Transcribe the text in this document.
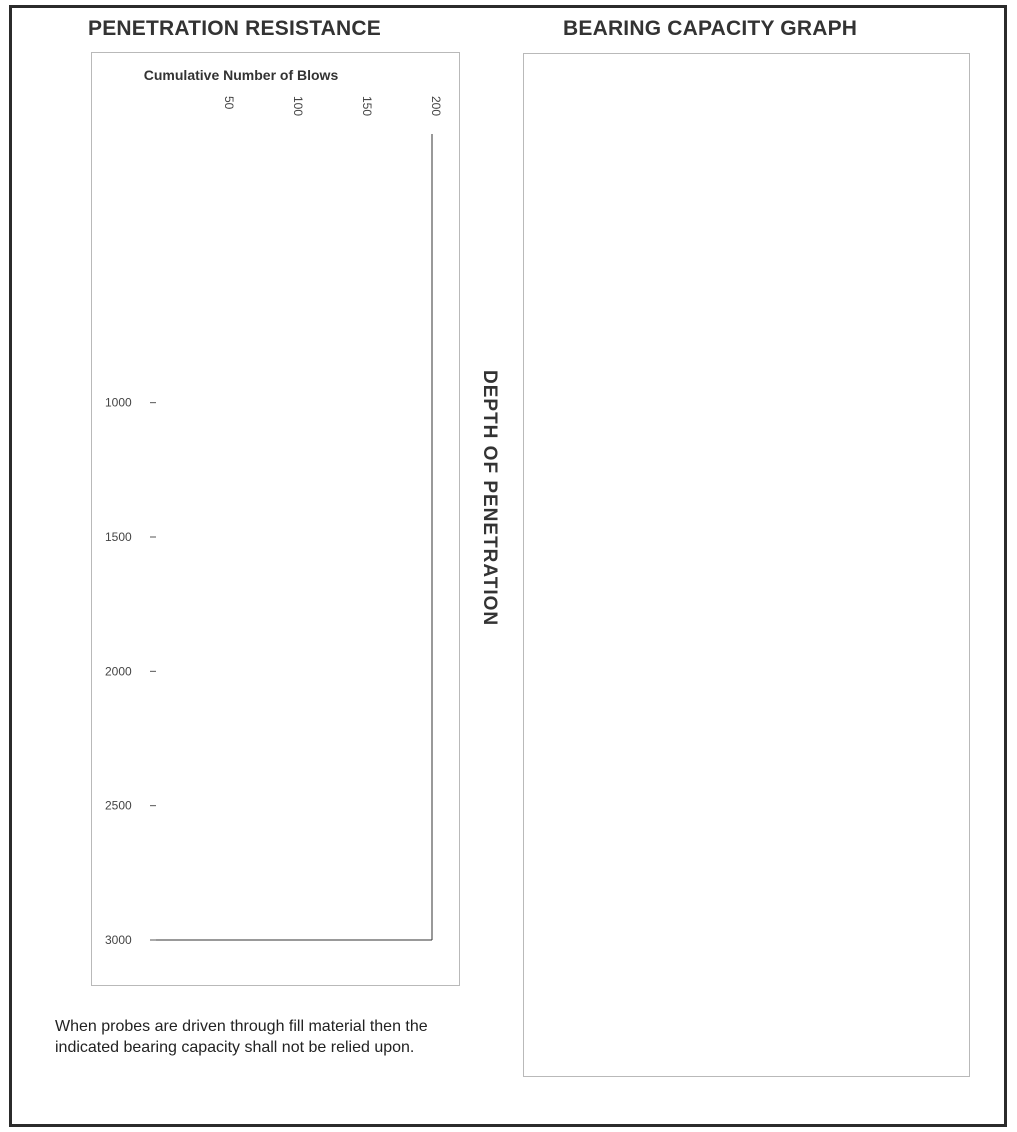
PENETRATION RESISTANCE	BEARING CAPACITY GRAPH
Cumulative Number of Blows
50	100	150	200
1000
1500
2000
2500
3000
DEPTH OF PENETRATION
When probes are driven through fill material then the indicated bearing capacity shall not be relied upon.
